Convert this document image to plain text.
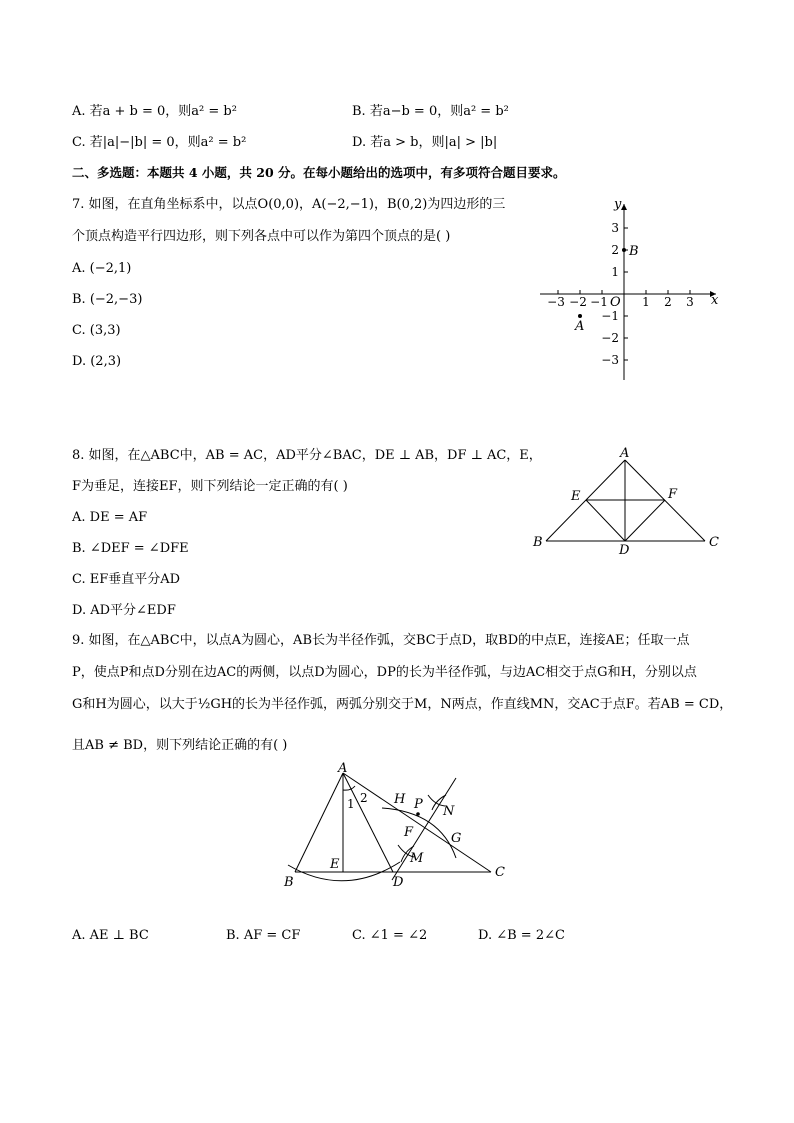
A. 若a + b = 0，则a² = b²	B. 若a−b = 0，则a² = b²
C. 若|a|−|b| = 0，则a² = b²	D. 若a > b，则|a| > |b|
二、多选题：本题共 4 小题，共 20 分。在每小题给出的选项中，有多项符合题目要求。
7. 如图，在直角坐标系中，以点O(0,0)，A(−2,−1)，B(0,2)为四边形的三
个顶点构造平行四边形，则下列各点中可以作为第四个顶点的是( )
A. (−2,1)
B. (−2,−3)
C. (3,3)
D. (2,3)
y
x
O
−3 −2 −1	1 2 3
3
2
1
−1
−2
−3
B
A
8. 如图，在△ABC中，AB = AC，AD平分∠BAC，DE ⊥ AB，DF ⊥ AC，E，
F为垂足，连接EF，则下列结论一定正确的有( )
A. DE = AF
B. ∠DEF = ∠DFE
C. EF垂直平分AD
D. AD平分∠EDF
A
B	C
D
E	F
9. 如图，在△ABC中，以点A为圆心，AB长为半径作弧，交BC于点D，取BD的中点E，连接AE；任取一点
P，使点P和点D分别在边AC的两侧，以点D为圆心，DP的长为半径作弧，与边AC相交于点G和H，分别以点
G和H为圆心，以大于½GH的长为半径作弧，两弧分别交于M，N两点，作直线MN，交AC于点F。若AB = CD，
且AB ≠ BD，则下列结论正确的有( )
A
B
C
D
E
F	G
H
M
N
P
1 2
A. AE ⊥ BC	B. AF = CF	C. ∠1 = ∠2	D. ∠B = 2∠C
